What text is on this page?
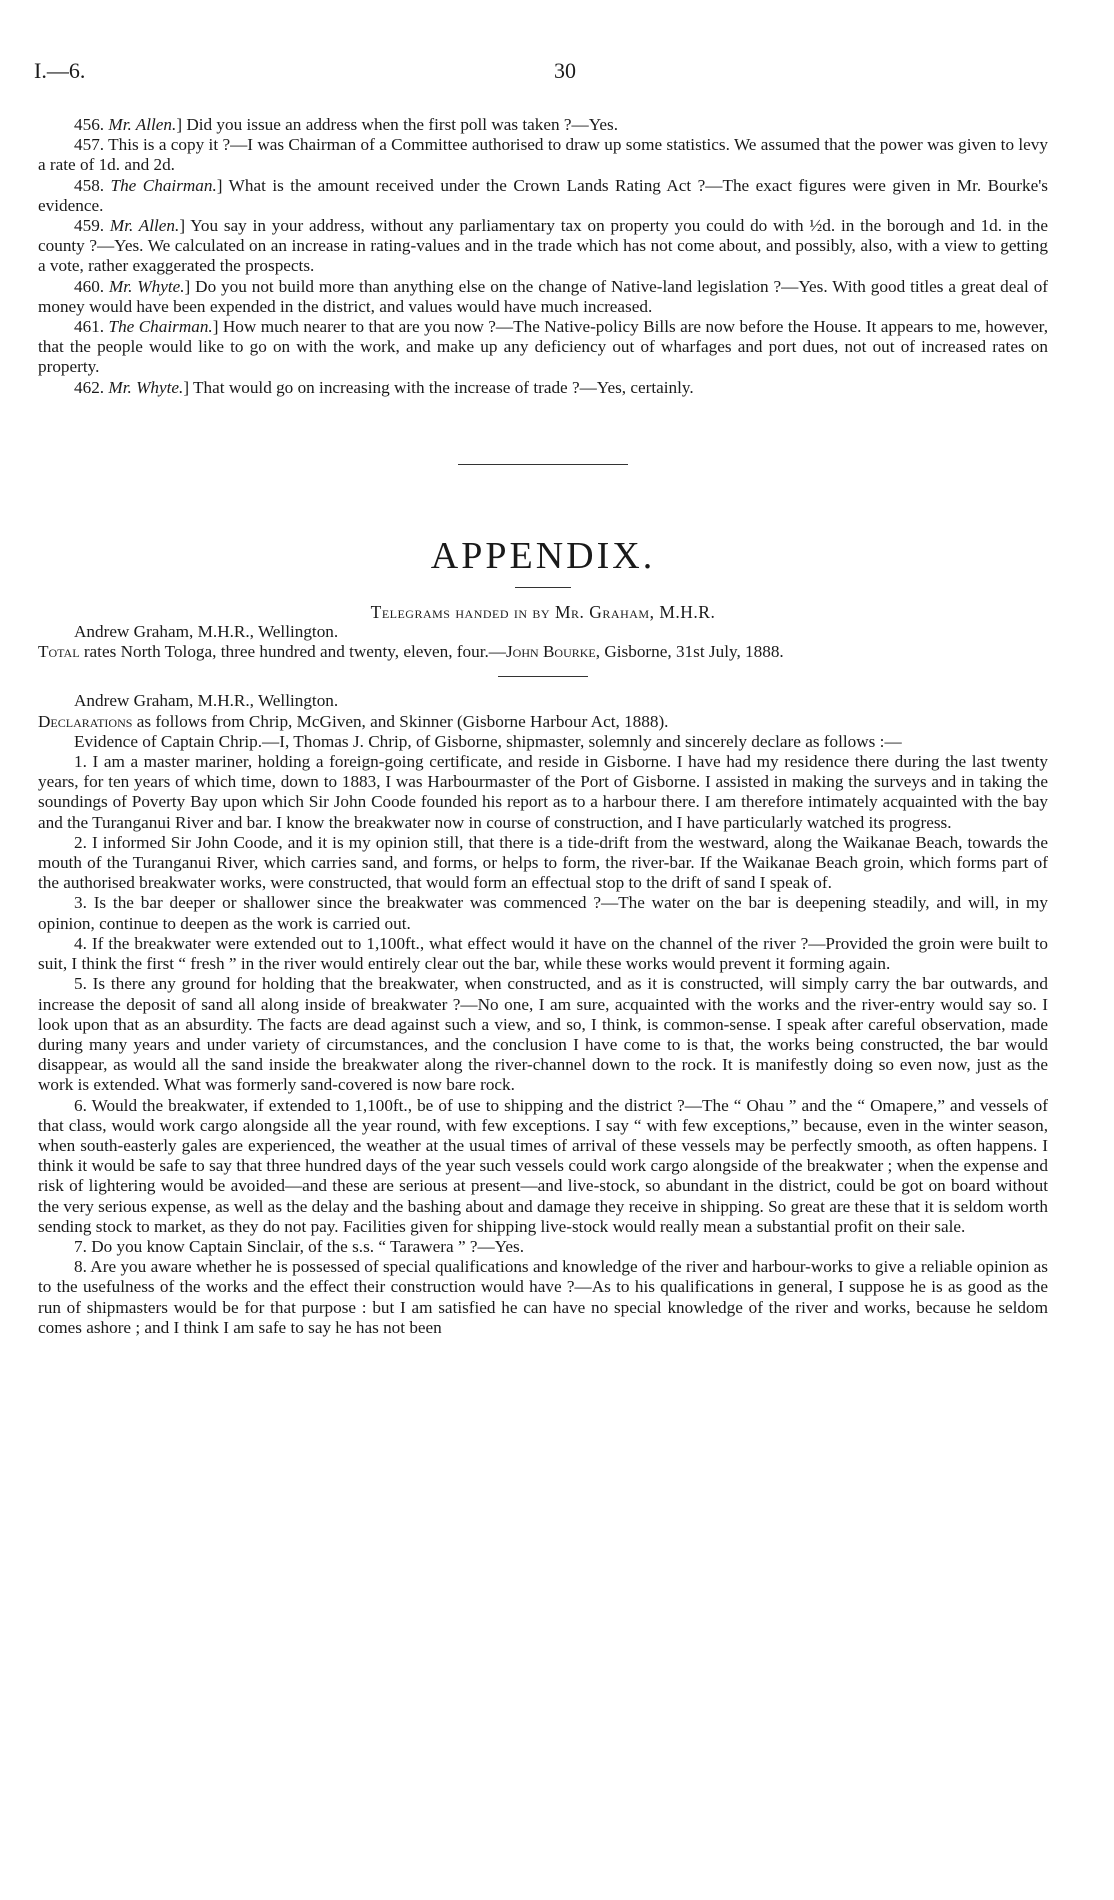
I.—6.	30

456. Mr. Allen.] Did you issue an address when the first poll was taken ?—Yes.

457. This is a copy it ?—I was Chairman of a Committee authorised to draw up some statistics. We assumed that the power was given to levy a rate of 1d. and 2d.

458. The Chairman.] What is the amount received under the Crown Lands Rating Act ?—The exact figures were given in Mr. Bourke's evidence.

459. Mr. Allen.] You say in your address, without any parliamentary tax on property you could do with ½d. in the borough and 1d. in the county ?—Yes. We calculated on an increase in rating-values and in the trade which has not come about, and possibly, also, with a view to getting a vote, rather exaggerated the prospects.

460. Mr. Whyte.] Do you not build more than anything else on the change of Native-land legislation ?—Yes. With good titles a great deal of money would have been expended in the district, and values would have much increased.

461. The Chairman.] How much nearer to that are you now ?—The Native-policy Bills are now before the House. It appears to me, however, that the people would like to go on with the work, and make up any deficiency out of wharfages and port dues, not out of increased rates on property.

462. Mr. Whyte.] That would go on increasing with the increase of trade ?—Yes, certainly.

APPENDIX.
Telegrams handed in by Mr. Graham, M.H.R.

Andrew Graham, M.H.R., Wellington.

Total rates North Tologa, three hundred and twenty, eleven, four.—John Bourke, Gisborne, 31st July, 1888.

Andrew Graham, M.H.R., Wellington.

Declarations as follows from Chrip, McGiven, and Skinner (Gisborne Harbour Act, 1888).

Evidence of Captain Chrip.—I, Thomas J. Chrip, of Gisborne, shipmaster, solemnly and sincerely declare as follows :—

1. I am a master mariner, holding a foreign-going certificate, and reside in Gisborne. I have had my residence there during the last twenty years, for ten years of which time, down to 1883, I was Harbourmaster of the Port of Gisborne. I assisted in making the surveys and in taking the soundings of Poverty Bay upon which Sir John Coode founded his report as to a harbour there. I am therefore intimately acquainted with the bay and the Turanganui River and bar. I know the breakwater now in course of construction, and I have particularly watched its progress.

2. I informed Sir John Coode, and it is my opinion still, that there is a tide-drift from the westward, along the Waikanae Beach, towards the mouth of the Turanganui River, which carries sand, and forms, or helps to form, the river-bar. If the Waikanae Beach groin, which forms part of the authorised breakwater works, were constructed, that would form an effectual stop to the drift of sand I speak of.

3. Is the bar deeper or shallower since the breakwater was commenced ?—The water on the bar is deepening steadily, and will, in my opinion, continue to deepen as the work is carried out.

4. If the breakwater were extended out to 1,100ft., what effect would it have on the channel of the river ?—Provided the groin were built to suit, I think the first “ fresh ” in the river would entirely clear out the bar, while these works would prevent it forming again.

5. Is there any ground for holding that the breakwater, when constructed, and as it is constructed, will simply carry the bar outwards, and increase the deposit of sand all along inside of breakwater ?—No one, I am sure, acquainted with the works and the river-entry would say so. I look upon that as an absurdity. The facts are dead against such a view, and so, I think, is common-sense. I speak after careful observation, made during many years and under variety of circumstances, and the conclusion I have come to is that, the works being constructed, the bar would disappear, as would all the sand inside the breakwater along the river-channel down to the rock. It is manifestly doing so even now, just as the work is extended. What was formerly sand-covered is now bare rock.

6. Would the breakwater, if extended to 1,100ft., be of use to shipping and the district ?—The “ Ohau ” and the “ Omapere,” and vessels of that class, would work cargo alongside all the year round, with few exceptions. I say “ with few exceptions,” because, even in the winter season, when south-easterly gales are experienced, the weather at the usual times of arrival of these vessels may be perfectly smooth, as often happens. I think it would be safe to say that three hundred days of the year such vessels could work cargo alongside of the breakwater ; when the expense and risk of lightering would be avoided—and these are serious at present—and live-stock, so abundant in the district, could be got on board without the very serious expense, as well as the delay and the bashing about and damage they receive in shipping. So great are these that it is seldom worth sending stock to market, as they do not pay. Facilities given for shipping live-stock would really mean a substantial profit on their sale.

7. Do you know Captain Sinclair, of the s.s. “ Tarawera ” ?—Yes.

8. Are you aware whether he is possessed of special qualifications and knowledge of the river and harbour-works to give a reliable opinion as to the usefulness of the works and the effect their construction would have ?—As to his qualifications in general, I suppose he is as good as the run of shipmasters would be for that purpose : but I am satisfied he can have no special knowledge of the river and works, because he seldom comes ashore ; and I think I am safe to say he has not been
